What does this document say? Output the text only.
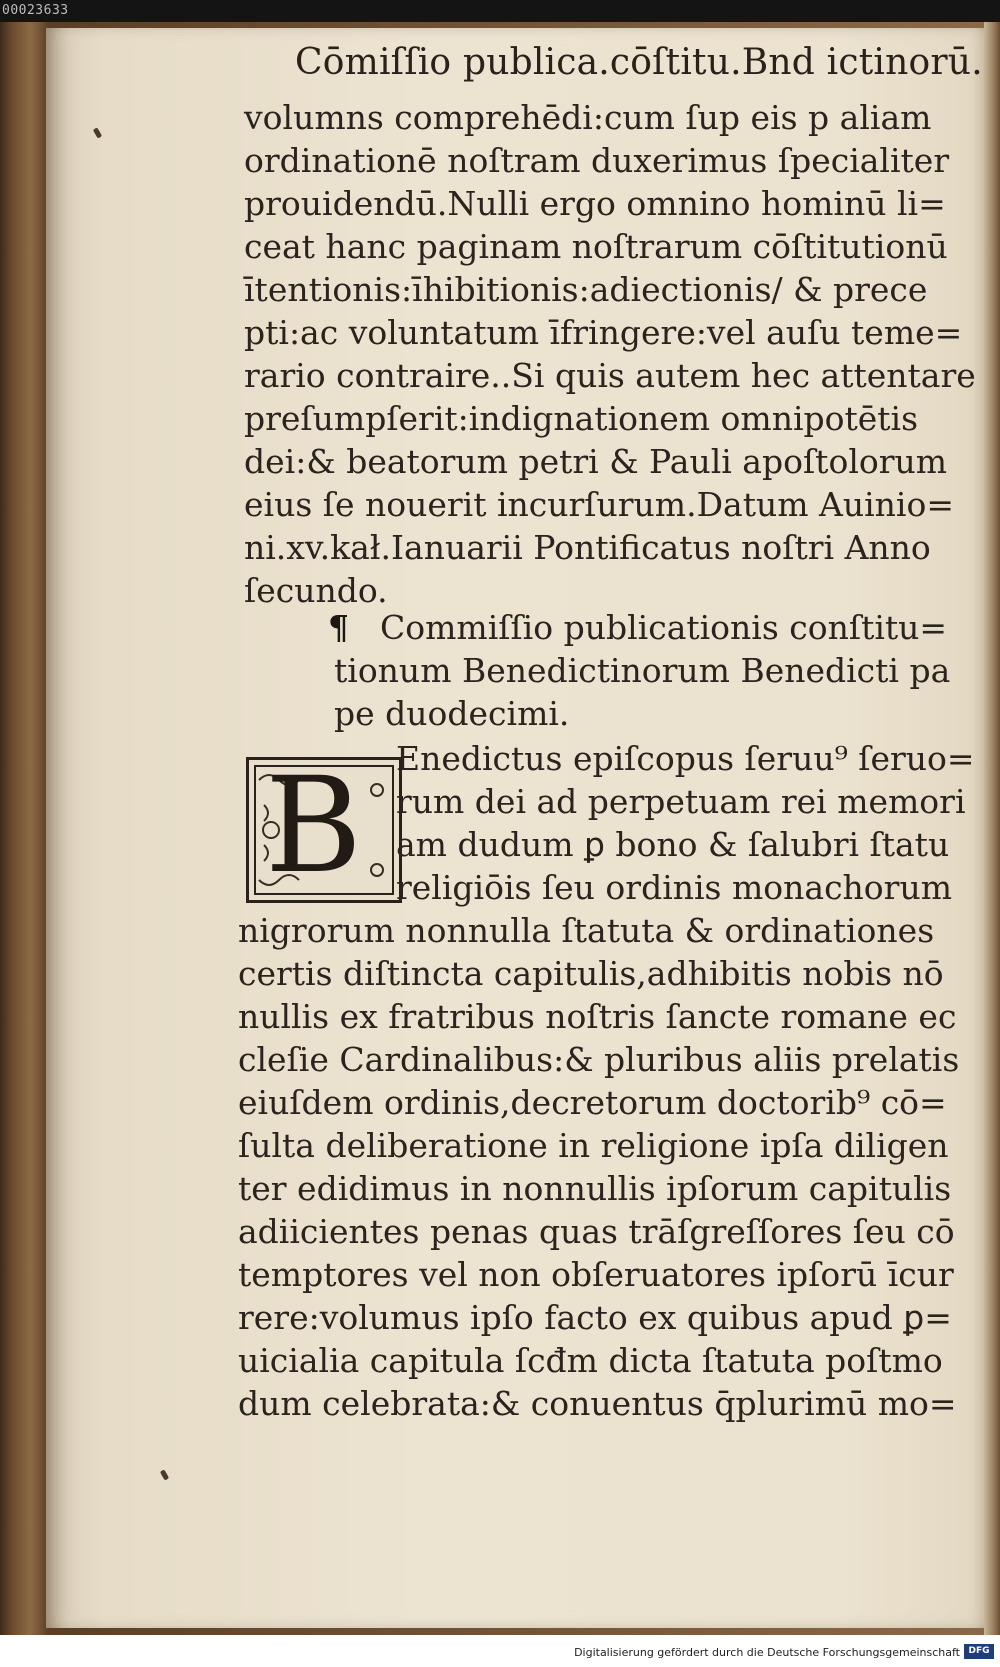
00023633
Cōmiſſio publica.cōſtitu.Bnd ictinorū.
volumns comprehēdi:cum ſup eis p aliam
ordinationē noſtram duxerimus ſpecialiter
prouidendū.Nulli ergo omnino hominū li=
ceat hanc paginam noſtrarum cōſtitutionū
ītentionis:īhibitionis:adiectionis/ & prece
pti:ac voluntatum īfringere:vel auſu teme=
rario contraire..Si quis autem hec attentare
preſumpſerit:indignationem omnipotētis
dei:& beatorum petri & Pauli apoſtolorum
eius ſe nouerit incurſurum.Datum Auinio=
ni.xv.kał.Ianuarii Pontificatus noſtri Anno
ſecundo.
¶ Commiſſio publicationis conſtitu=
tionum Benedictinorum Benedicti pa
pe duodecimi.
B Enedictus epiſcopus ſeruu⁹ ſeruo=
rum dei ad perpetuam rei memori
am dudum ꝑ bono & ſalubri ſtatu
religiōis ſeu ordinis monachorum
nigrorum nonnulla ſtatuta & ordinationes
certis diſtincta capitulis,adhibitis nobis nō
nullis ex fratribus noſtris ſancte romane ec
cleſie Cardinalibus:& pluribus aliis prelatis
eiuſdem ordinis,decretorum doctorib⁹ cō=
ſulta deliberatione in religione ipſa diligen
ter edidimus in nonnullis ipſorum capitulis
adiicientes penas quas trāſgreſſores ſeu cō
temptores vel non obſeruatores ipſorū īcur
rere:volumus ipſo facto ex quibus apud ꝑ=
uicialia capitula ſcđm dicta ſtatuta poſtmo
dum celebrata:& conuentus q̄plurimū mo=
Digitalisierung gefördert durch die Deutsche Forschungsgemeinschaft DFG
